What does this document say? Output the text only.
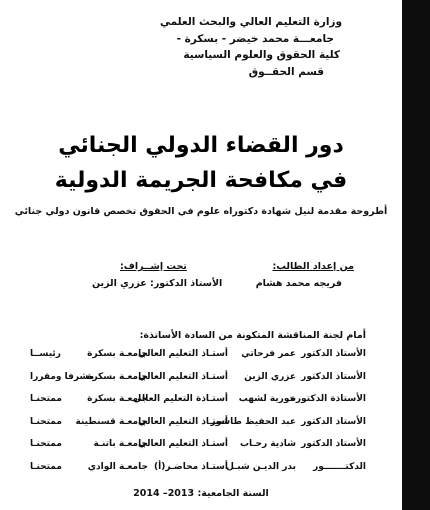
وزارة التعليم العالي والبحث العلمي
جامعـــة محمد خيضر - بسكرة -
كلية الحقوق والعلوم السياسية
قسم الحقــوق
دور القضاء الدولي الجنائي
في مكافحة الجريمة الدولية
أطروحة مقدمة لنيل شهادة دكتوراه علوم في الحقوق تخصص قانون دولي جنائي
من إعداد الطالب:
فريجه محمد هشام
تحت إشــراف:
الأستاذ الدكتور: عزري الزين
أمام لجنة المناقشة المتكونة من السادة الأساتذة:
الأستاذ الدكتور
عمر فرحاتي
أستـاذ التعليم العالي
جامعـة بسكرة
رئيســا
الأستاذ الدكتور
عزري الزين
أستـاذ التعليم العالي
جامعـة بسكرة
مشرفا ومقررا
الأستاذة الدكتورة
حورية لشهب
أستـاذة التعليم العالي
جامعـة بسكرة
ممتحنـا
الأستاذ الدكتور
عبد الحفيظ طاشور
أستـاذ التعليم العالي
جامعـة قسنطينة
ممتحنـا
الأستاذ الدكتور
شادية رحـاب
أستـاذ التعليم العالي
جامعـة باتنـة
ممتحنـا
الدكتـــــــور
بدر الديـن شبـل
أستـاذ محاضـر(أ)
جامعـة الوادي
ممتحنـا
السنة الجامعية: 2013– 2014
